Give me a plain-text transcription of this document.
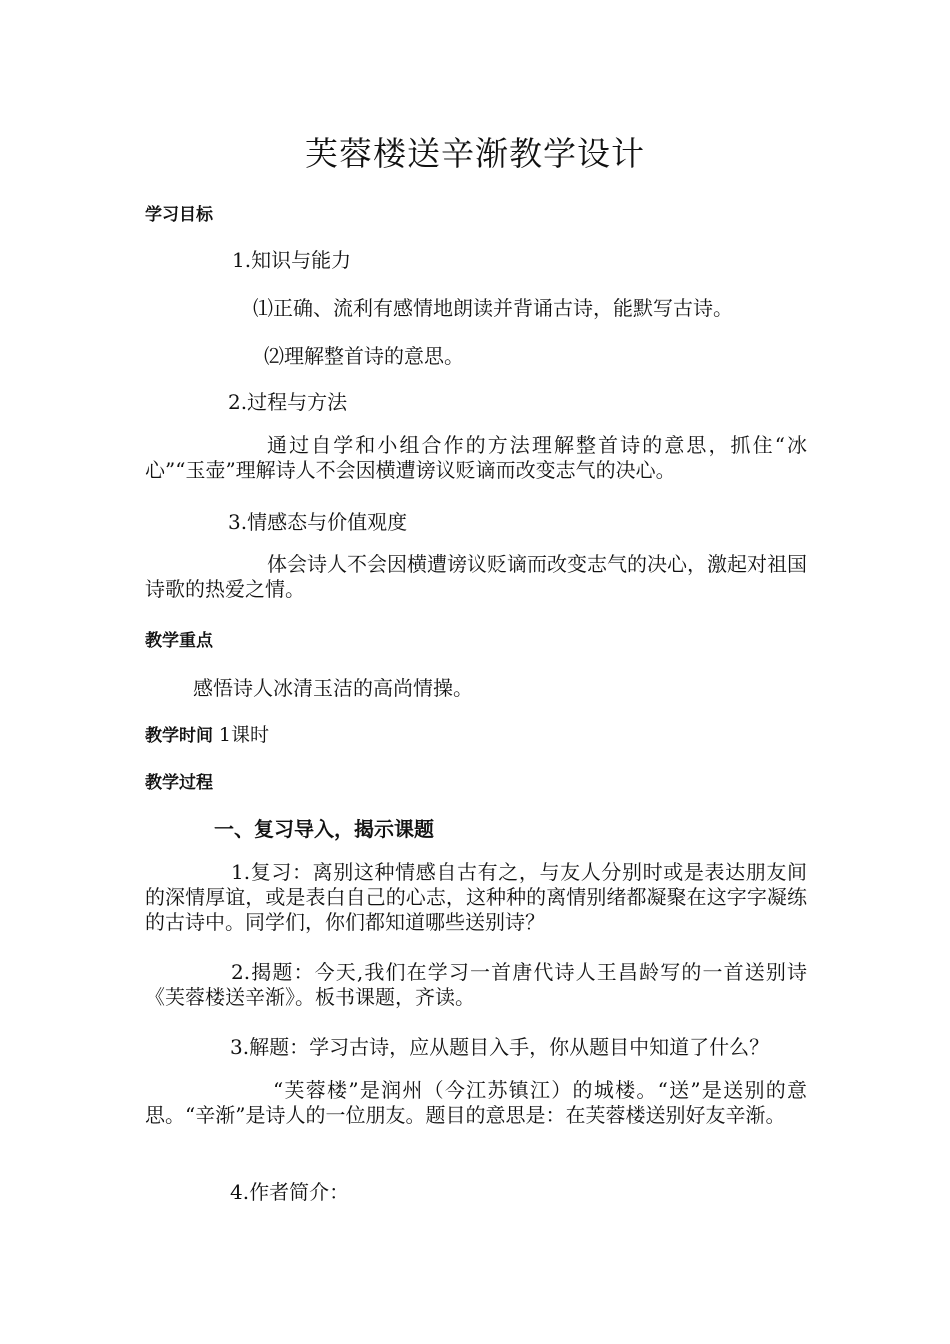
芙蓉楼送辛渐教学设计
学习目标
1.知识与能力
⑴正确、流利有感情地朗读并背诵古诗，能默写古诗。
⑵理解整首诗的意思。
2.过程与方法
通过自学和小组合作的方法理解整首诗的意思，抓住“冰心”“玉壶”理解诗人不会因横遭谤议贬谪而改变志气的决心。
3.情感态与价值观度
体会诗人不会因横遭谤议贬谪而改变志气的决心，激起对祖国诗歌的热爱之情。
教学重点
感悟诗人冰清玉洁的高尚情操。
教学时间 1课时
教学过程
一、复习导入，揭示课题
1.复习：离别这种情感自古有之，与友人分别时或是表达朋友间的深情厚谊，或是表白自己的心志，这种种的离情别绪都凝聚在这字字凝练的古诗中。同学们，你们都知道哪些送别诗？
2.揭题：今天,我们在学习一首唐代诗人王昌龄写的一首送别诗《芙蓉楼送辛渐》。板书课题，齐读。
3.解题：学习古诗，应从题目入手，你从题目中知道了什么？
“芙蓉楼”是润州（今江苏镇江）的城楼。“送”是送别的意思。“辛渐”是诗人的一位朋友。题目的意思是：在芙蓉楼送别好友辛渐。
4.作者简介：
